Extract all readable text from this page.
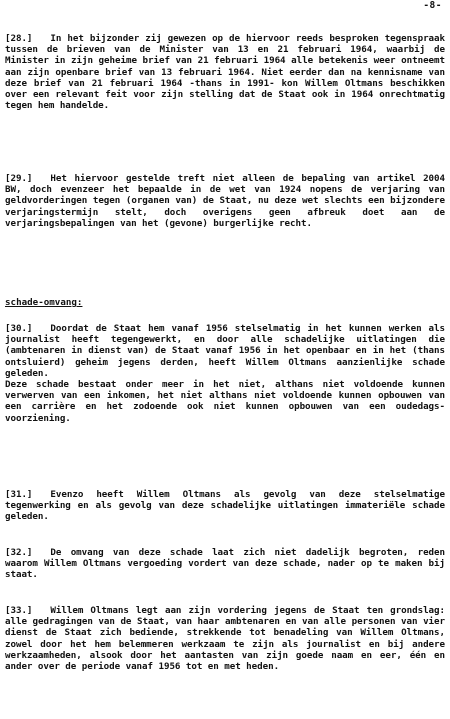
-8-
[28.] In het bijzonder zij gewezen op de hiervoor reeds besproken tegenspraak tussen de brieven van de Minister van 13 en 21 februari 1964, waarbij de Minister in zijn geheime brief van 21 februari 1964 alle betekenis weer ontneemt aan zijn openbare brief van 13 februari 1964. Niet eerder dan na kennisname van deze brief van 21 februari 1964 -thans in 1991- kon Willem Oltmans beschikken over een relevant feit voor zijn stelling dat de Staat ook in 1964 onrechtmatig tegen hem handelde.
[29.] Het hiervoor gestelde treft niet alleen de bepaling van artikel 2004 BW, doch evenzeer het bepaalde in de wet van 1924 nopens de verjaring van geldvorderingen tegen (organen van) de Staat, nu deze wet slechts een bijzondere verjaringstermijn stelt, doch overigens geen afbreuk doet aan de verjaringsbepalingen van het (gevone) burgerlijke recht.
schade-omvang:
[30.] Doordat de Staat hem vanaf 1956 stelselmatig in het kunnen werken als journalist heeft tegengewerkt, en door alle schadelijke uitlatingen die (ambtenaren in dienst van) de Staat vanaf 1956 in het openbaar en in het (thans ontsluierd) geheim jegens derden, heeft Willem Oltmans aanzienlijke schade geleden.
Deze schade bestaat onder meer in het niet, althans niet voldoende kunnen verwerven van een inkomen, het niet althans niet voldoende kunnen opbouwen van een carrière en het zodoende ook niet kunnen opbouwen van een oudedags-voorziening.
[31.] Evenzo heeft Willem Oltmans als gevolg van deze stelselmatige tegenwerking en als gevolg van deze schadelijke uitlatingen immateriële schade geleden.
[32.] De omvang van deze schade laat zich niet dadelijk begroten, reden waarom Willem Oltmans vergoeding vordert van deze schade, nader op te maken bij staat.
[33.] Willem Oltmans legt aan zijn vordering jegens de Staat ten grondslag: alle gedragingen van de Staat, van haar ambtenaren en van alle personen van vier dienst de Staat zich bediende, strekkende tot benadeling van Willem Oltmans, zowel door het hem belemmeren werkzaam te zijn als journalist en bij andere werkzaamheden, alsook door het aantasten van zijn goede naam en eer, één en ander over de periode vanaf 1956 tot en met heden.
